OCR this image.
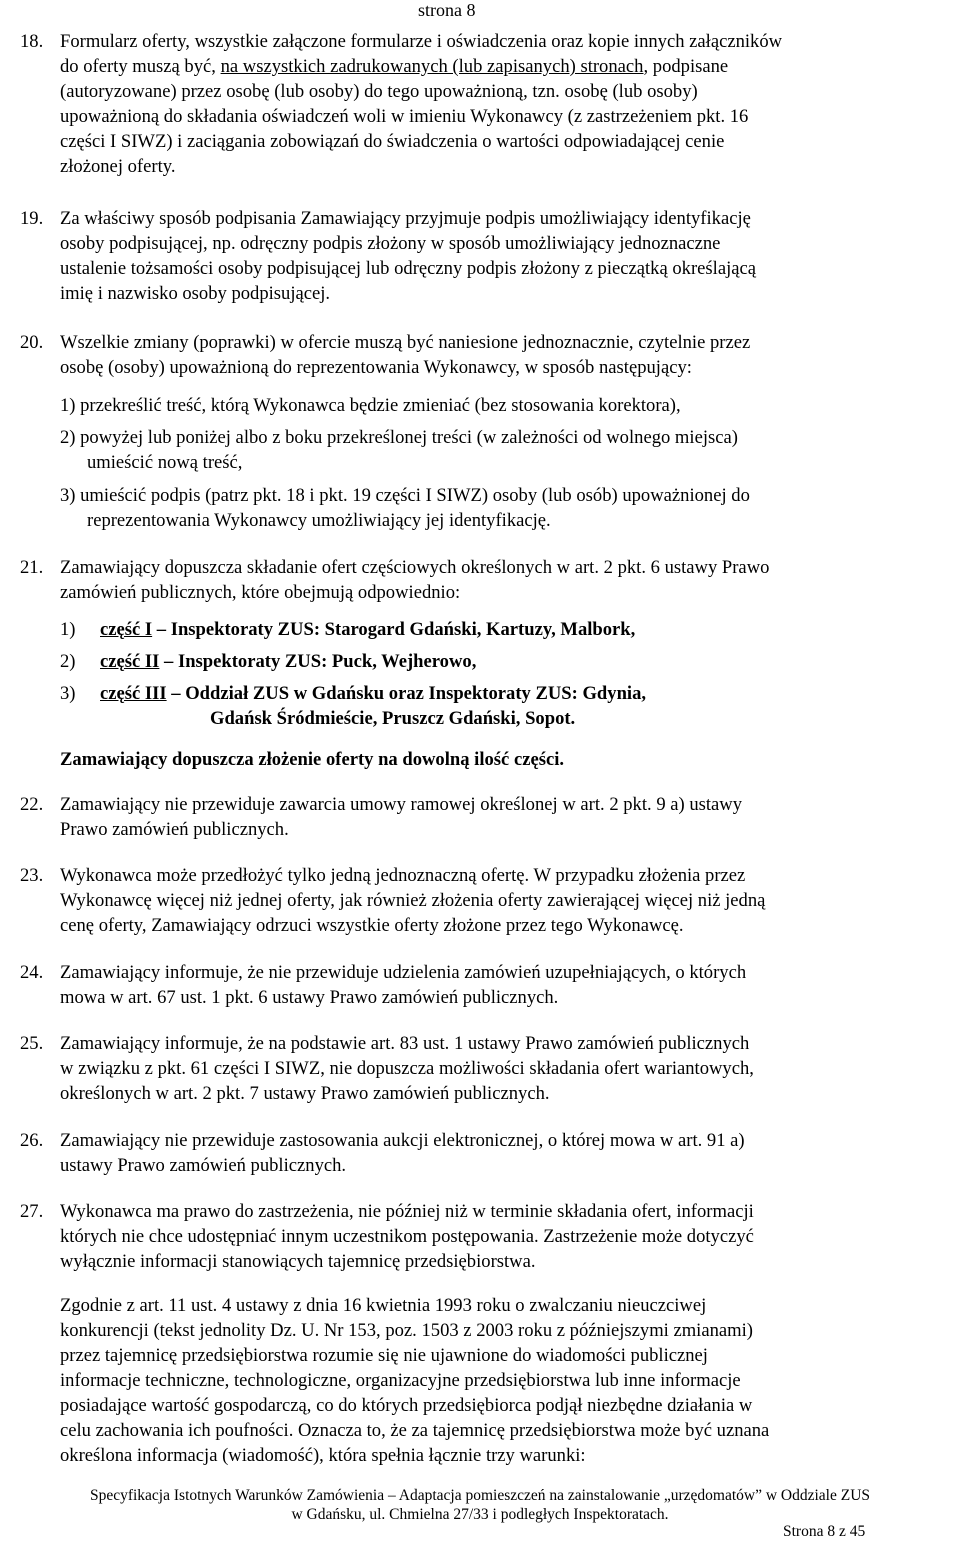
strona 8
18. Formularz oferty, wszystkie załączone formularze i oświadczenia oraz kopie innych załączników
do oferty muszą być, na wszystkich zadrukowanych (lub zapisanych) stronach, podpisane
(autoryzowane) przez osobę (lub osoby) do tego upoważnioną, tzn. osobę (lub osoby)
upoważnioną do składania oświadczeń woli w imieniu Wykonawcy (z zastrzeżeniem pkt. 16
części I SIWZ) i zaciągania zobowiązań do świadczenia o wartości odpowiadającej cenie
złożonej oferty.
19. Za właściwy sposób podpisania Zamawiający przyjmuje podpis umożliwiający identyfikację
osoby podpisującej, np. odręczny podpis złożony w sposób umożliwiający jednoznaczne
ustalenie tożsamości osoby podpisującej lub odręczny podpis złożony z pieczątką określającą
imię i nazwisko osoby podpisującej.
20. Wszelkie zmiany (poprawki) w ofercie muszą być naniesione jednoznacznie, czytelnie przez
osobę (osoby) upoważnioną do reprezentowania Wykonawcy, w sposób następujący:
1) przekreślić treść, którą Wykonawca będzie zmieniać (bez stosowania korektora),
2) powyżej lub poniżej albo z boku przekreślonej treści (w zależności od wolnego miejsca)
umieścić nową treść,
3) umieścić podpis (patrz pkt. 18 i pkt. 19 części I SIWZ) osoby (lub osób) upoważnionej do
reprezentowania Wykonawcy umożliwiający jej identyfikację.
21. Zamawiający dopuszcza składanie ofert częściowych określonych w art. 2 pkt. 6 ustawy Prawo
zamówień publicznych, które obejmują odpowiednio:
1) część I – Inspektoraty ZUS: Starogard Gdański, Kartuzy, Malbork,
2) część II – Inspektoraty ZUS: Puck, Wejherowo,
3) część III – Oddział ZUS w Gdańsku oraz Inspektoraty ZUS: Gdynia,
Gdańsk Śródmieście, Pruszcz Gdański, Sopot.
Zamawiający dopuszcza złożenie oferty na dowolną ilość części.
22. Zamawiający nie przewiduje zawarcia umowy ramowej określonej w art. 2 pkt. 9 a) ustawy
Prawo zamówień publicznych.
23. Wykonawca może przedłożyć tylko jedną jednoznaczną ofertę. W przypadku złożenia przez
Wykonawcę więcej niż jednej oferty, jak również złożenia oferty zawierającej więcej niż jedną
cenę oferty, Zamawiający odrzuci wszystkie oferty złożone przez tego Wykonawcę.
24. Zamawiający informuje, że nie przewiduje udzielenia zamówień uzupełniających, o których
mowa w art. 67 ust. 1 pkt. 6 ustawy Prawo zamówień publicznych.
25. Zamawiający informuje, że na podstawie art. 83 ust. 1 ustawy Prawo zamówień publicznych
w związku z pkt. 61 części I SIWZ, nie dopuszcza możliwości składania ofert wariantowych,
określonych w art. 2 pkt. 7 ustawy Prawo zamówień publicznych.
26. Zamawiający nie przewiduje zastosowania aukcji elektronicznej, o której mowa w art. 91 a)
ustawy Prawo zamówień publicznych.
27. Wykonawca ma prawo do zastrzeżenia, nie później niż w terminie składania ofert, informacji
których nie chce udostępniać innym uczestnikom postępowania. Zastrzeżenie może dotyczyć
wyłącznie informacji stanowiących tajemnicę przedsiębiorstwa.
Zgodnie z art. 11 ust. 4 ustawy z dnia 16 kwietnia 1993 roku o zwalczaniu nieuczciwej
konkurencji (tekst jednolity Dz. U. Nr 153, poz. 1503 z 2003 roku z późniejszymi zmianami)
przez tajemnicę przedsiębiorstwa rozumie się nie ujawnione do wiadomości publicznej
informacje techniczne, technologiczne, organizacyjne przedsiębiorstwa lub inne informacje
posiadające wartość gospodarczą, co do których przedsiębiorca podjął niezbędne działania w
celu zachowania ich poufności. Oznacza to, że za tajemnicę przedsiębiorstwa może być uznana
określona informacja (wiadomość), która spełnia łącznie trzy warunki:
Specyfikacja Istotnych Warunków Zamówienia – Adaptacja pomieszczeń na zainstalowanie „urzędomatów” w Oddziale ZUS
w Gdańsku, ul. Chmielna 27/33 i podległych Inspektoratach.
Strona 8 z 45
